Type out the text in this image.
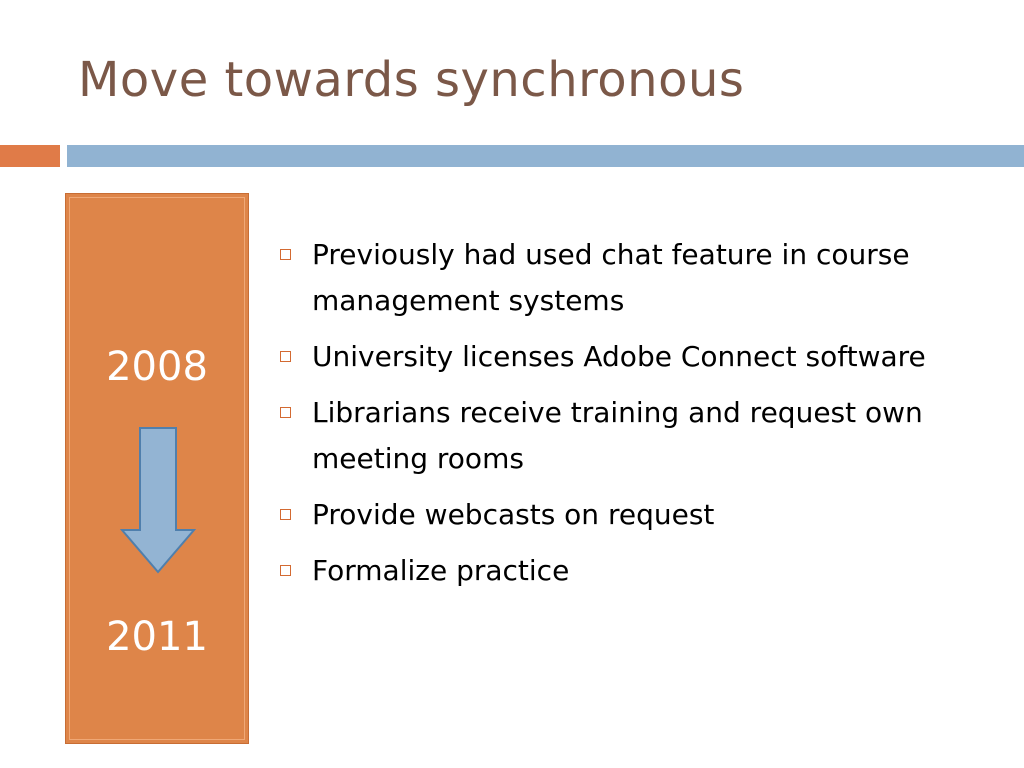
Move towards synchronous
2008
2011
Previously had used chat feature in course management systems
University licenses Adobe Connect software
Librarians receive training and request own meeting rooms
Provide webcasts on request
Formalize practice
